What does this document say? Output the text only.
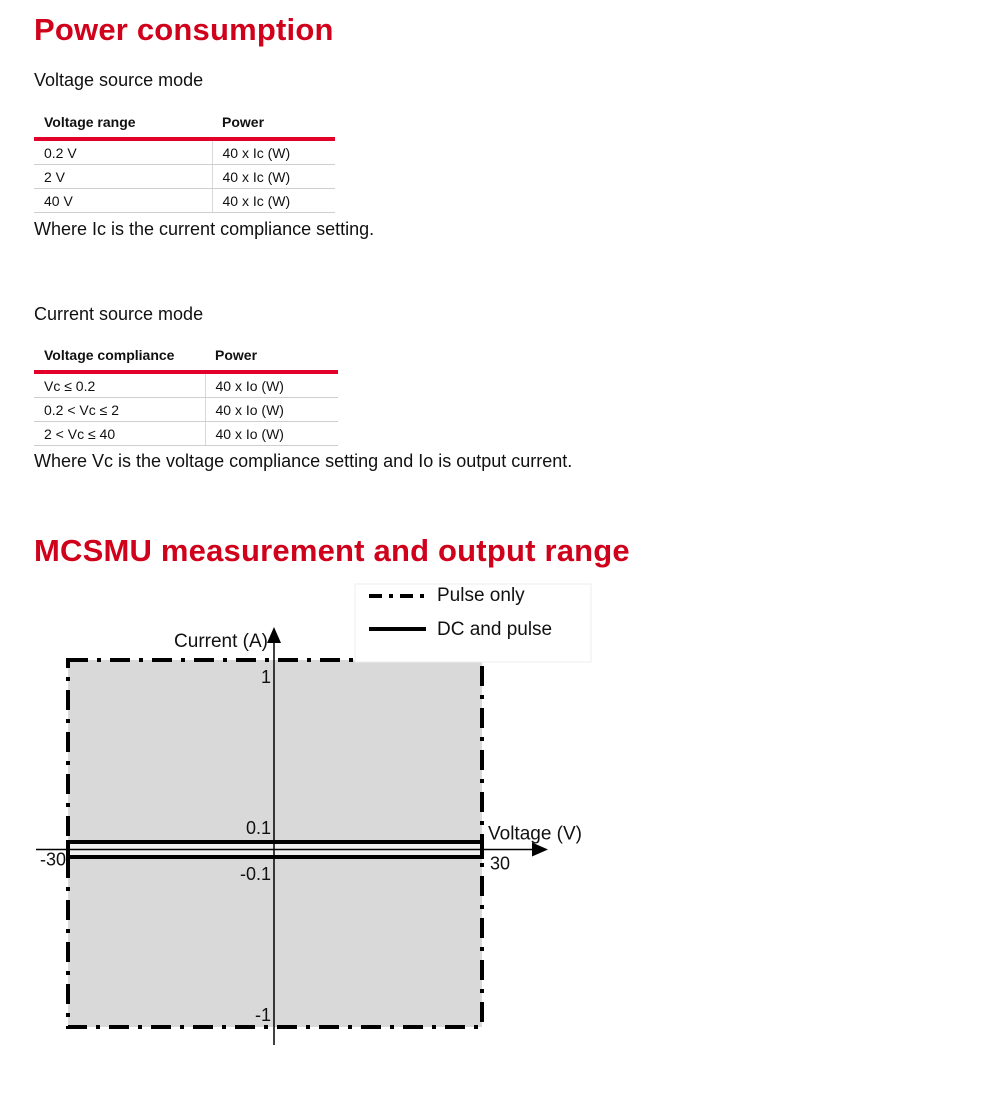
Power consumption
Voltage source mode
Voltage range	Power
0.2 V	40 x Ic (W)
2 V	40 x Ic (W)
40 V	40 x Ic (W)
Where Ic is the current compliance setting.
Current source mode
Voltage compliance	Power
Vc ≤ 0.2	40 x Io (W)
0.2 < Vc ≤ 2	40 x Io (W)
2 < Vc ≤ 40	40 x Io (W)
Where Vc is the voltage compliance setting and Io is output current.
MCSMU measurement and output range
1
0.1
-0.1
-1
-30	30
Pulse only
DC and pulse
Voltage (V)
Current (A)
